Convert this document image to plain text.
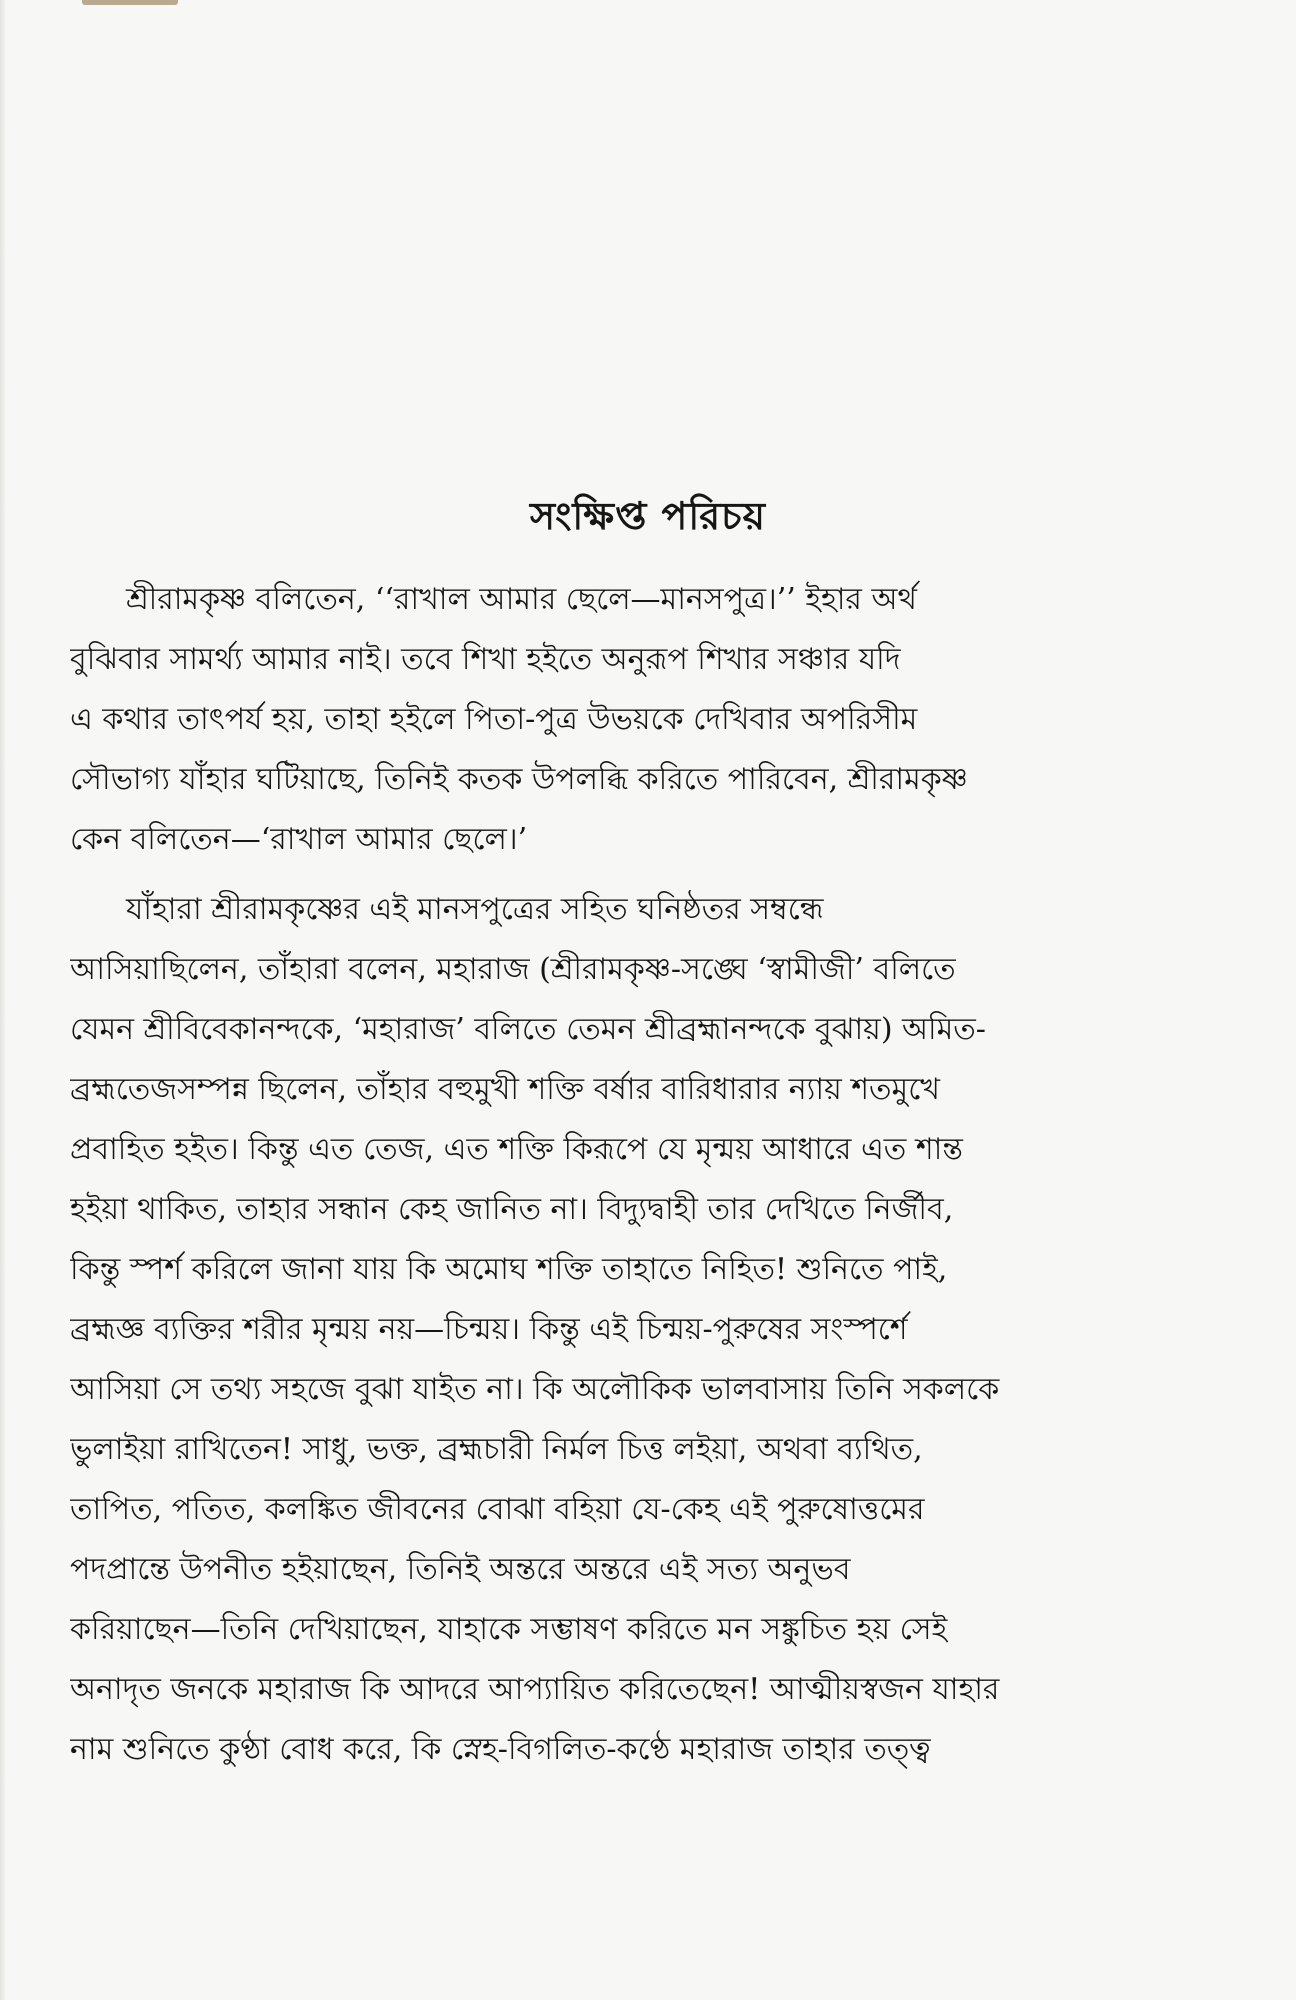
সংক্ষিপ্ত পরিচয়
শ্রীরামকৃষ্ণ বলিতেন, ‘‘রাখাল আমার ছেলে—মানসপুত্র।’’ ইহার অর্থ
বুঝিবার সামর্থ্য আমার নাই। তবে শিখা হইতে অনুরূপ শিখার সঞ্চার যদি
এ কথার তাৎপর্য হয়, তাহা হইলে পিতা-পুত্র উভয়কে দেখিবার অপরিসীম
সৌভাগ্য যাঁহার ঘটিয়াছে, তিনিই কতক উপলব্ধি করিতে পারিবেন, শ্রীরামকৃষ্ণ
কেন বলিতেন—‘রাখাল আমার ছেলে।’
যাঁহারা শ্রীরামকৃষ্ণের এই মানসপুত্রের সহিত ঘনিষ্ঠতর সম্বন্ধে
আসিয়াছিলেন, তাঁহারা বলেন, মহারাজ (শ্রীরামকৃষ্ণ-সঙ্ঘে ‘স্বামীজী’ বলিতে
যেমন শ্রীবিবেকানন্দকে, ‘মহারাজ’ বলিতে তেমন শ্রীব্রহ্মানন্দকে বুঝায়) অমিত-
ব্রহ্মতেজসম্পন্ন ছিলেন, তাঁহার বহুমুখী শক্তি বর্ষার বারিধারার ন্যায় শতমুখে
প্রবাহিত হইত। কিন্তু এত তেজ, এত শক্তি কিরূপে যে মৃন্ময় আধারে এত শান্ত
হইয়া থাকিত, তাহার সন্ধান কেহ জানিত না। বিদ্যুদ্বাহী তার দেখিতে নির্জীব,
কিন্তু স্পর্শ করিলে জানা যায় কি অমোঘ শক্তি তাহাতে নিহিত! শুনিতে পাই,
ব্রহ্মজ্ঞ ব্যক্তির শরীর মৃন্ময় নয়—চিন্ময়। কিন্তু এই চিন্ময়-পুরুষের সংস্পর্শে
আসিয়া সে তথ্য সহজে বুঝা যাইত না। কি অলৌকিক ভালবাসায় তিনি সকলকে
ভুলাইয়া রাখিতেন! সাধু, ভক্ত, ব্রহ্মচারী নির্মল চিত্ত লইয়া, অথবা ব্যথিত,
তাপিত, পতিত, কলঙ্কিত জীবনের বোঝা বহিয়া যে-কেহ এই পুরুষোত্তমের
পদপ্রান্তে উপনীত হইয়াছেন, তিনিই অন্তরে অন্তরে এই সত্য অনুভব
করিয়াছেন—তিনি দেখিয়াছেন, যাহাকে সম্ভাষণ করিতে মন সঙ্কুচিত হয় সেই
অনাদৃত জনকে মহারাজ কি আদরে আপ্যায়িত করিতেছেন! আত্মীয়স্বজন যাহার
নাম শুনিতে কুণ্ঠা বোধ করে, কি স্নেহ-বিগলিত-কণ্ঠে মহারাজ তাহার তত্ত্ব
